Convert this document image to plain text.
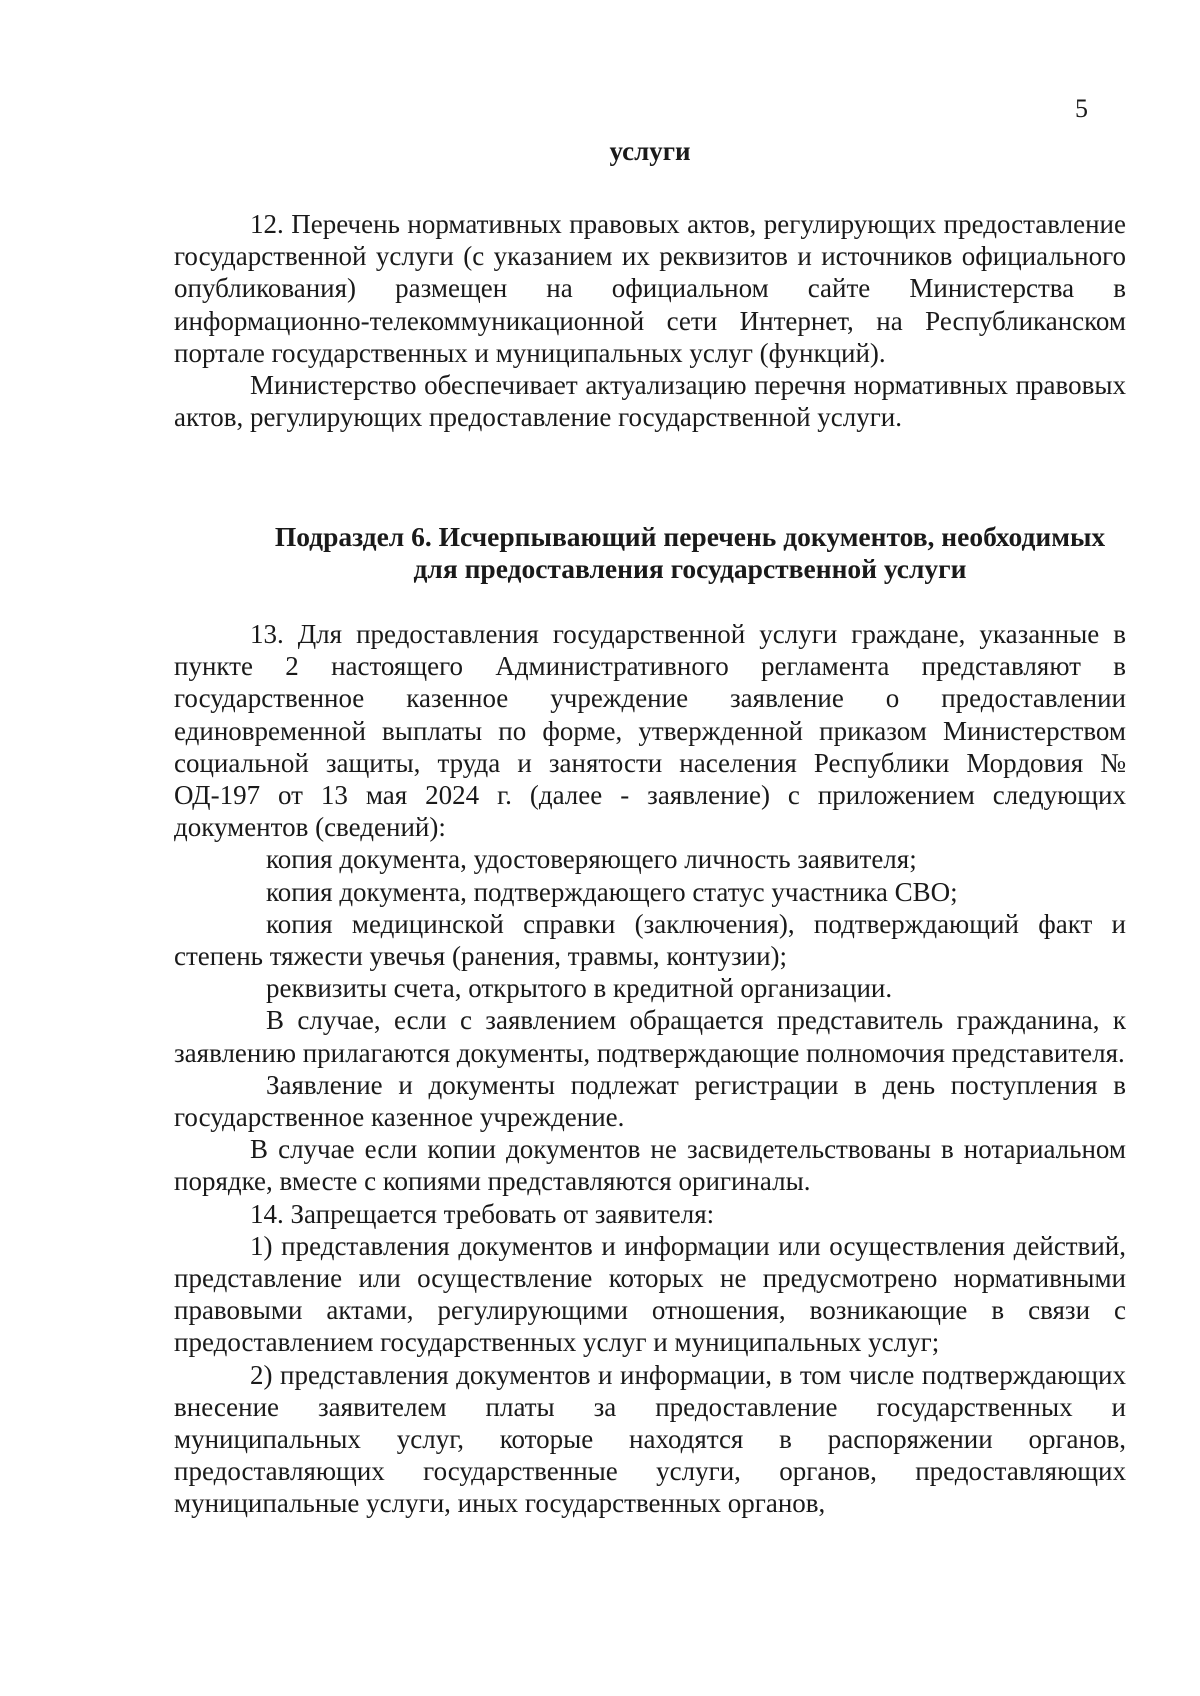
5
услуги

12. Перечень нормативных правовых актов, регулирующих предоставление государственной услуги (с указанием их реквизитов и источников официального опубликования) размещен на официальном сайте Министерства в информационно-телекоммуникационной сети Интернет, на Республиканском портале государственных и муниципальных услуг (функций).

Министерство обеспечивает актуализацию перечня нормативных правовых актов, регулирующих предоставление государственной услуги.

Подраздел 6. Исчерпывающий перечень документов, необходимых
для предоставления государственной услуги

13. Для предоставления государственной услуги граждане, указанные в пункте 2 настоящего Административного регламента представляют в государственное казенное учреждение заявление о предоставлении единовременной выплаты по форме, утвержденной приказом Министерством социальной защиты, труда и занятости населения Республики Мордовия № ОД-197 от 13 мая 2024 г. (далее - заявление) с приложением следующих документов (сведений):

копия документа, удостоверяющего личность заявителя;

копия документа, подтверждающего статус участника СВО;

копия медицинской справки (заключения), подтверждающий факт и степень тяжести увечья (ранения, травмы, контузии);

реквизиты счета, открытого в кредитной организации.

В случае, если с заявлением обращается представитель гражданина, к заявлению прилагаются документы, подтверждающие полномочия представителя.

Заявление и документы подлежат регистрации в день поступления в государственное казенное учреждение.

В случае если копии документов не засвидетельствованы в нотариальном порядке, вместе с копиями представляются оригиналы.

14. Запрещается требовать от заявителя:

1) представления документов и информации или осуществления действий, представление или осуществление которых не предусмотрено нормативными правовыми актами, регулирующими отношения, возникающие в связи с предоставлением государственных услуг и муниципальных услуг;

2) представления документов и информации, в том числе подтверждающих внесение заявителем платы за предоставление государственных и муниципальных услуг, которые находятся в распоряжении органов, предоставляющих государственные услуги, органов, предоставляющих муниципальные услуги, иных государственных органов,
